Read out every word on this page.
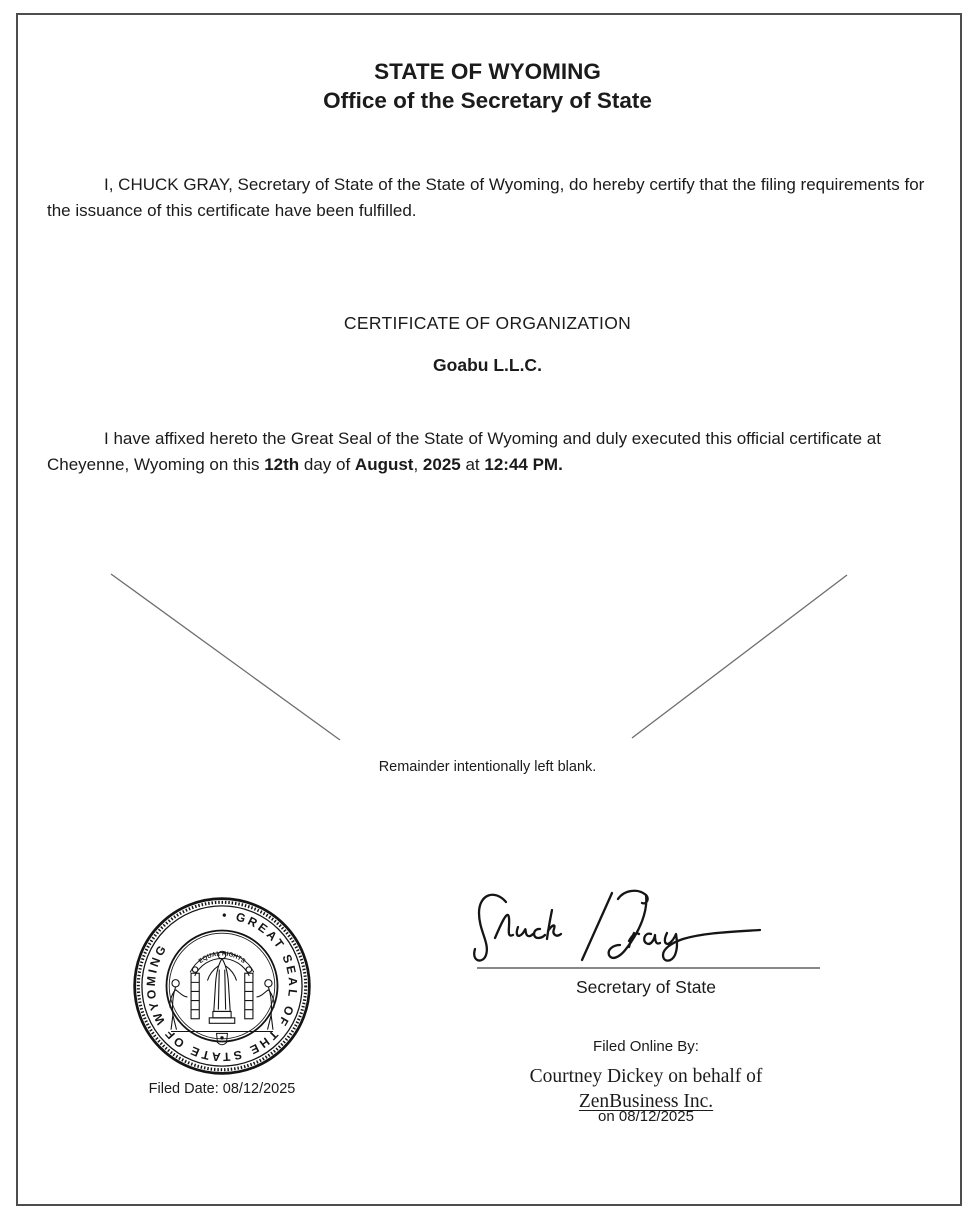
STATE OF WYOMING
Office of the Secretary of State

I, CHUCK GRAY, Secretary of State of the State of Wyoming, do hereby certify that the filing requirements for the issuance of this certificate have been fulfilled.

CERTIFICATE OF ORGANIZATION
Goabu L.L.C.

I have affixed hereto the Great Seal of the State of Wyoming and duly executed this official certificate at Cheyenne, Wyoming on this 12th day of August, 2025 at 12:44 PM.

Remainder intentionally left blank.
• GREAT SEAL OF THE STATE OF WYOMING
EQUAL RIGHTS
Filed Date: 08/12/2025
Secretary of State
Filed Online By:
Courtney Dickey on behalf of
ZenBusiness Inc.
on 08/12/2025
